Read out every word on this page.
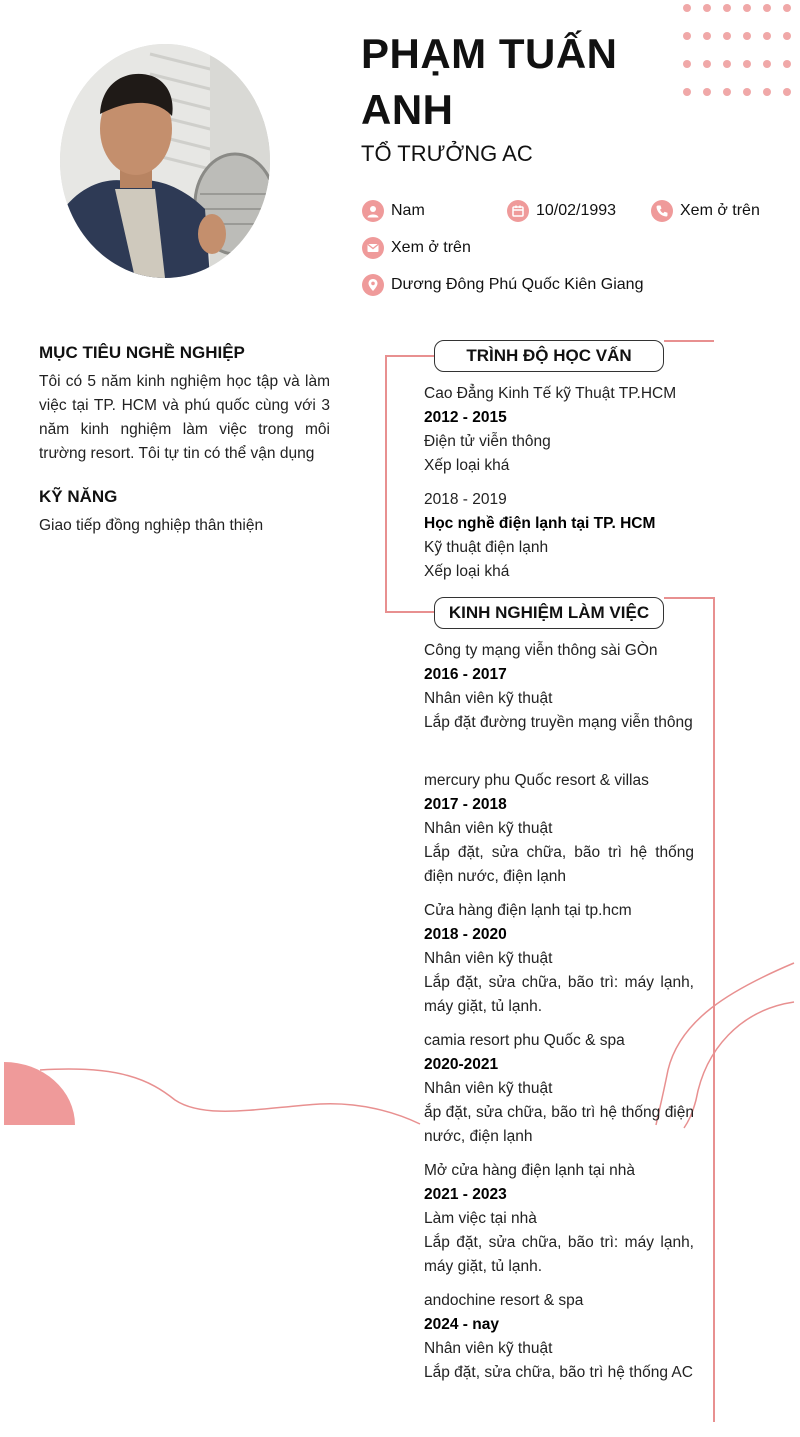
PHẠM TUẤN ANH
TỔ TRƯỞNG AC
Nam	10/02/1993	Xem ở trên
Xem ở trên
Dương Đông Phú Quốc Kiên Giang
MỤC TIÊU NGHỀ NGHIỆP
Tôi có 5 năm kinh nghiệm học tập và làm việc tại TP. HCM và phú quốc cùng với 3 năm kinh nghiệm làm việc trong môi trường resort. Tôi tự tin có thể vận dụng
KỸ NĂNG
Giao tiếp đồng nghiệp thân thiện
TRÌNH ĐỘ HỌC VẤN
Cao Đẳng Kinh Tế kỹ Thuật TP.HCM
2012 - 2015
Điện tử viễn thông
Xếp loại khá
2018 - 2019
Học nghề điện lạnh tại TP. HCM
Kỹ thuật điện lạnh
Xếp loại khá
KINH NGHIỆM LÀM VIỆC
Công ty mạng viễn thông sài GÒn
2016 - 2017
Nhân viên kỹ thuật
Lắp đặt đường truyền mạng viễn thông
mercury phu Quốc resort & villas
2017 - 2018
Nhân viên kỹ thuật
Lắp đặt, sửa chữa, bão trì hệ thống điện nước, điện lạnh
Cửa hàng điện lạnh tại tp.hcm
2018 - 2020
Nhân viên kỹ thuật
Lắp đặt, sửa chữa, bão trì: máy lạnh, máy giặt, tủ lạnh.
camia resort phu Quốc & spa
2020-2021
Nhân viên kỹ thuật
ắp đặt, sửa chữa, bão trì hệ thống điện nước, điện lạnh
Mở cửa hàng điện lạnh tại nhà
2021 - 2023
Làm việc tại nhà
Lắp đặt, sửa chữa, bão trì: máy lạnh, máy giặt, tủ lạnh.
andochine resort & spa
2024 - nay
Nhân viên kỹ thuật
Lắp đặt, sửa chữa, bão trì hệ thống AC
